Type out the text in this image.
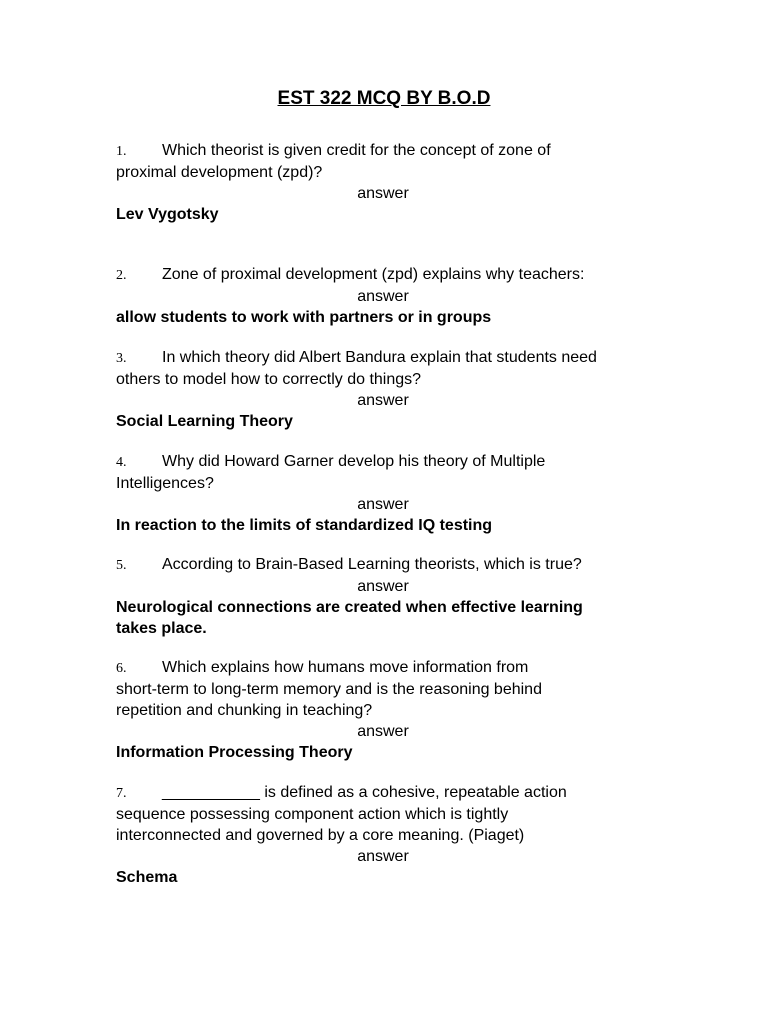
EST 322 MCQ BY B.O.D
1. Which theorist is given credit for the concept of zone of
proximal development (zpd)?
answer
Lev Vygotsky
2. Zone of proximal development (zpd) explains why teachers:
answer
allow students to work with partners or in groups
3. In which theory did Albert Bandura explain that students need
others to model how to correctly do things?
answer
Social Learning Theory
4. Why did Howard Garner develop his theory of Multiple
Intelligences?
answer
In reaction to the limits of standardized IQ testing
5. According to Brain-Based Learning theorists, which is true?
answer
Neurological connections are created when effective learning
takes place.
6. Which explains how humans move information from
short-term to long-term memory and is the reasoning behind
repetition and chunking in teaching?
answer
Information Processing Theory
7. ___________ is defined as a cohesive, repeatable action
sequence possessing component action which is tightly
interconnected and governed by a core meaning. (Piaget)
answer
Schema
